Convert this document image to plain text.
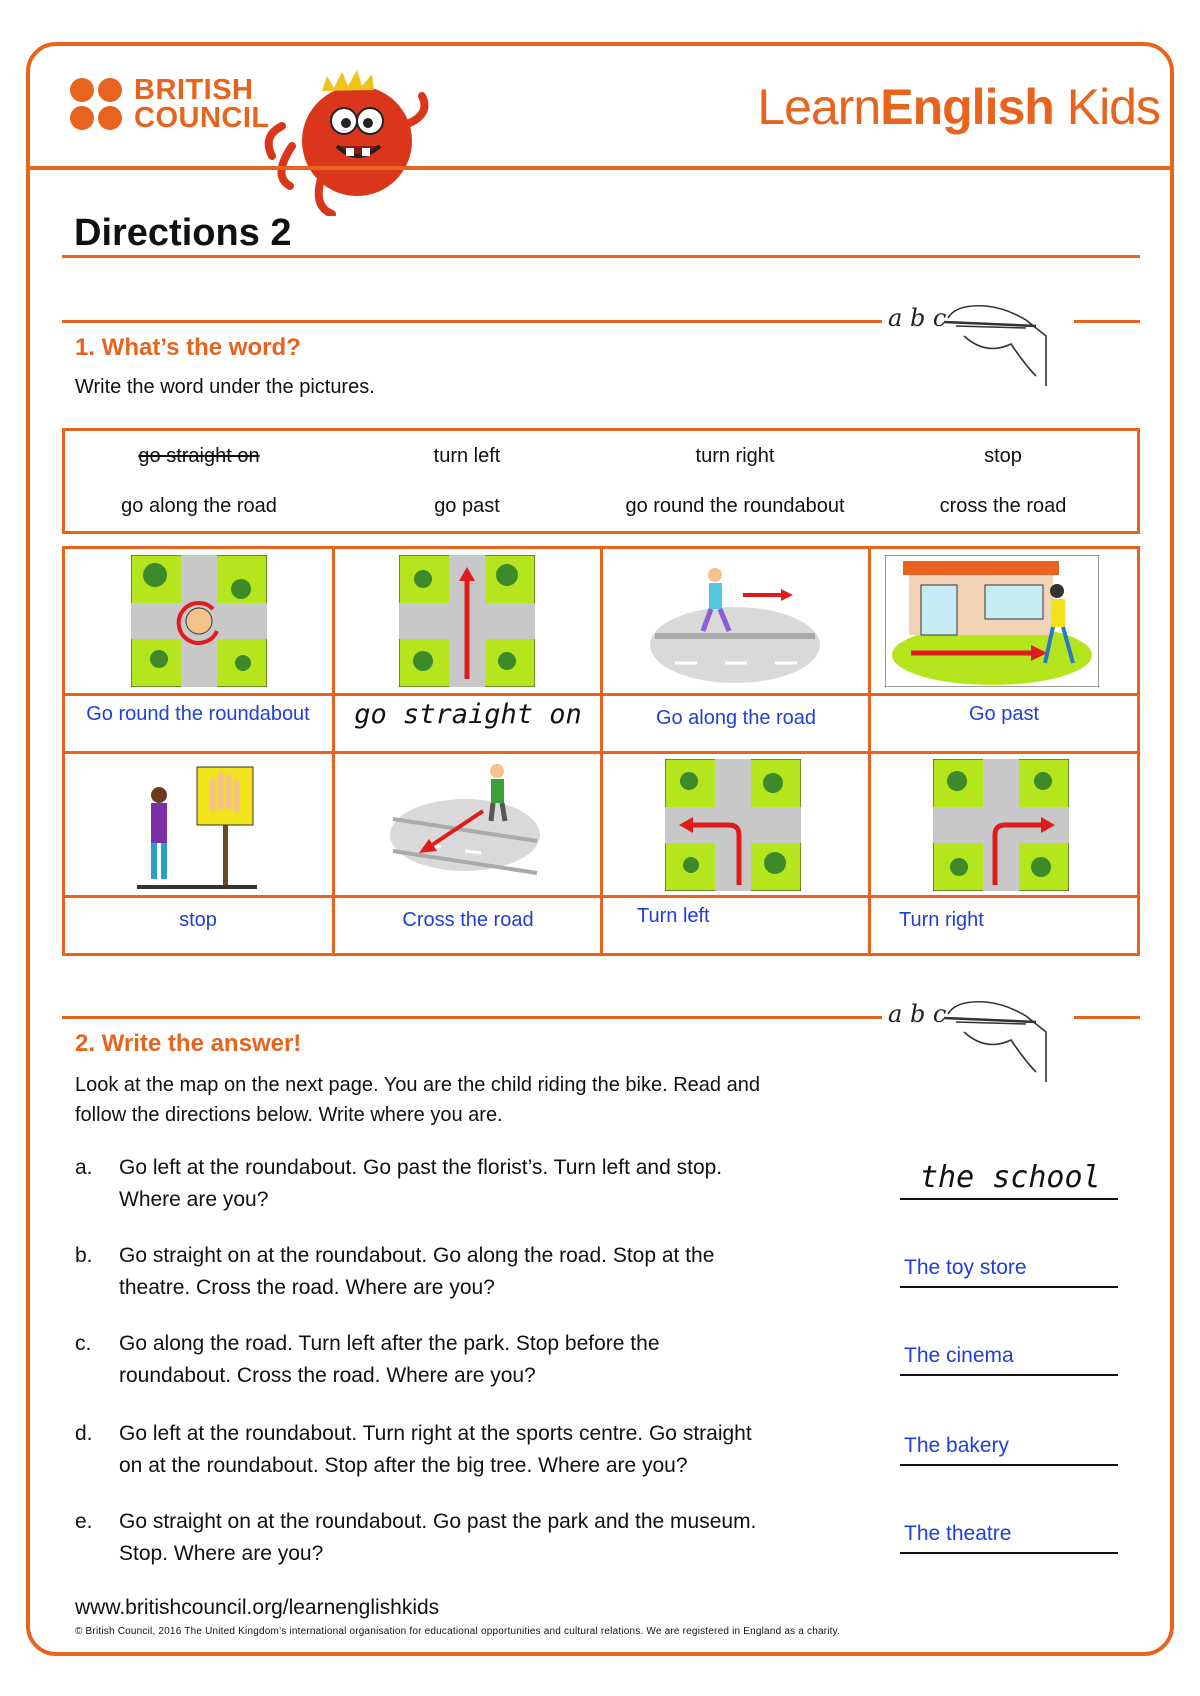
BRITISH
COUNCIL	LearnEnglish Kids
Directions 2
a b c
1. What’s the word?
Write the word under the pictures.
go straight on	turn left	turn right	stop
go along the road	go past	go round the roundabout	cross the road
Go round the roundabout	go straight on	Go along the road	Go past
stop	Cross the road	Turn left	Turn right
a b c
2. Write the answer!
Look at the map on the next page. You are the child riding the bike. Read and
follow the directions below. Write where you are.
a. Go left at the roundabout. Go past the florist’s. Turn left and stop.
Where are you?
the school
b. Go straight on at the roundabout. Go along the road. Stop at the
theatre. Cross the road. Where are you?
The toy store
c. Go along the road. Turn left after the park. Stop before the
roundabout. Cross the road. Where are you?
The cinema
d. Go left at the roundabout. Turn right at the sports centre. Go straight
on at the roundabout. Stop after the big tree. Where are you?
The bakery
e. Go straight on at the roundabout. Go past the park and the museum.
Stop. Where are you?
The theatre
www.britishcouncil.org/learnenglishkids
© British Council, 2016 The United Kingdom’s international organisation for educational opportunities and cultural relations. We are registered in England as a charity.
